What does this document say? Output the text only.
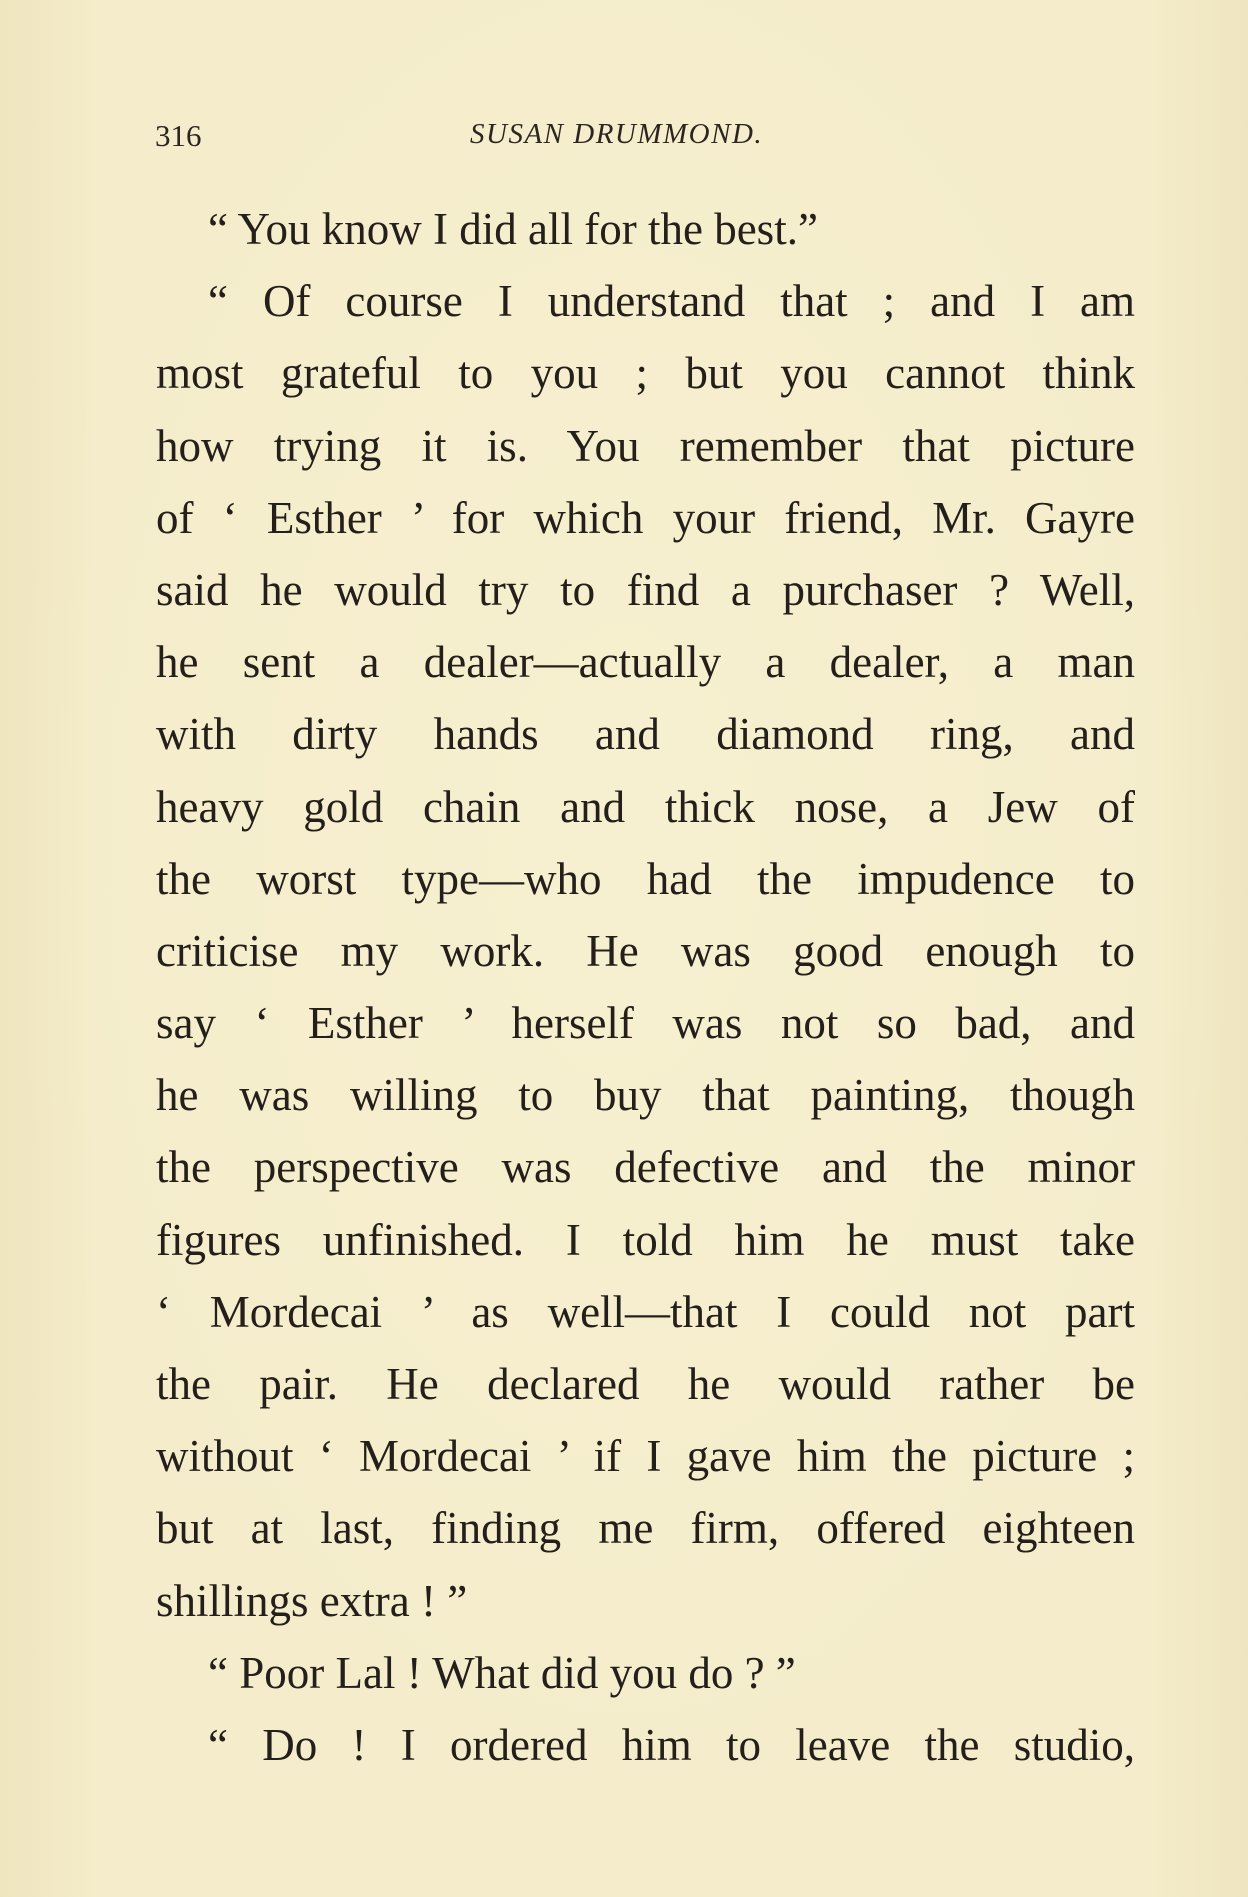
316	SUSAN DRUMMOND.
“ You know I did all for the best.”
“ Of course I understand that ; and I am
most grateful to you ; but you cannot think
how trying it is. You remember that picture
of ‘ Esther ’ for which your friend, Mr. Gayre
said he would try to find a purchaser ? Well,
he sent a dealer—actually a dealer, a man
with dirty hands and diamond ring, and
heavy gold chain and thick nose, a Jew of
the worst type—who had the impudence to
criticise my work. He was good enough to
say ‘ Esther ’ herself was not so bad, and
he was willing to buy that painting, though
the perspective was defective and the minor
figures unfinished. I told him he must take
‘ Mordecai ’ as well—that I could not part
the pair. He declared he would rather be
without ‘ Mordecai ’ if I gave him the picture ;
but at last, finding me firm, offered eighteen
shillings extra ! ”
“ Poor Lal ! What did you do ? ”
“ Do ! I ordered him to leave the studio,
